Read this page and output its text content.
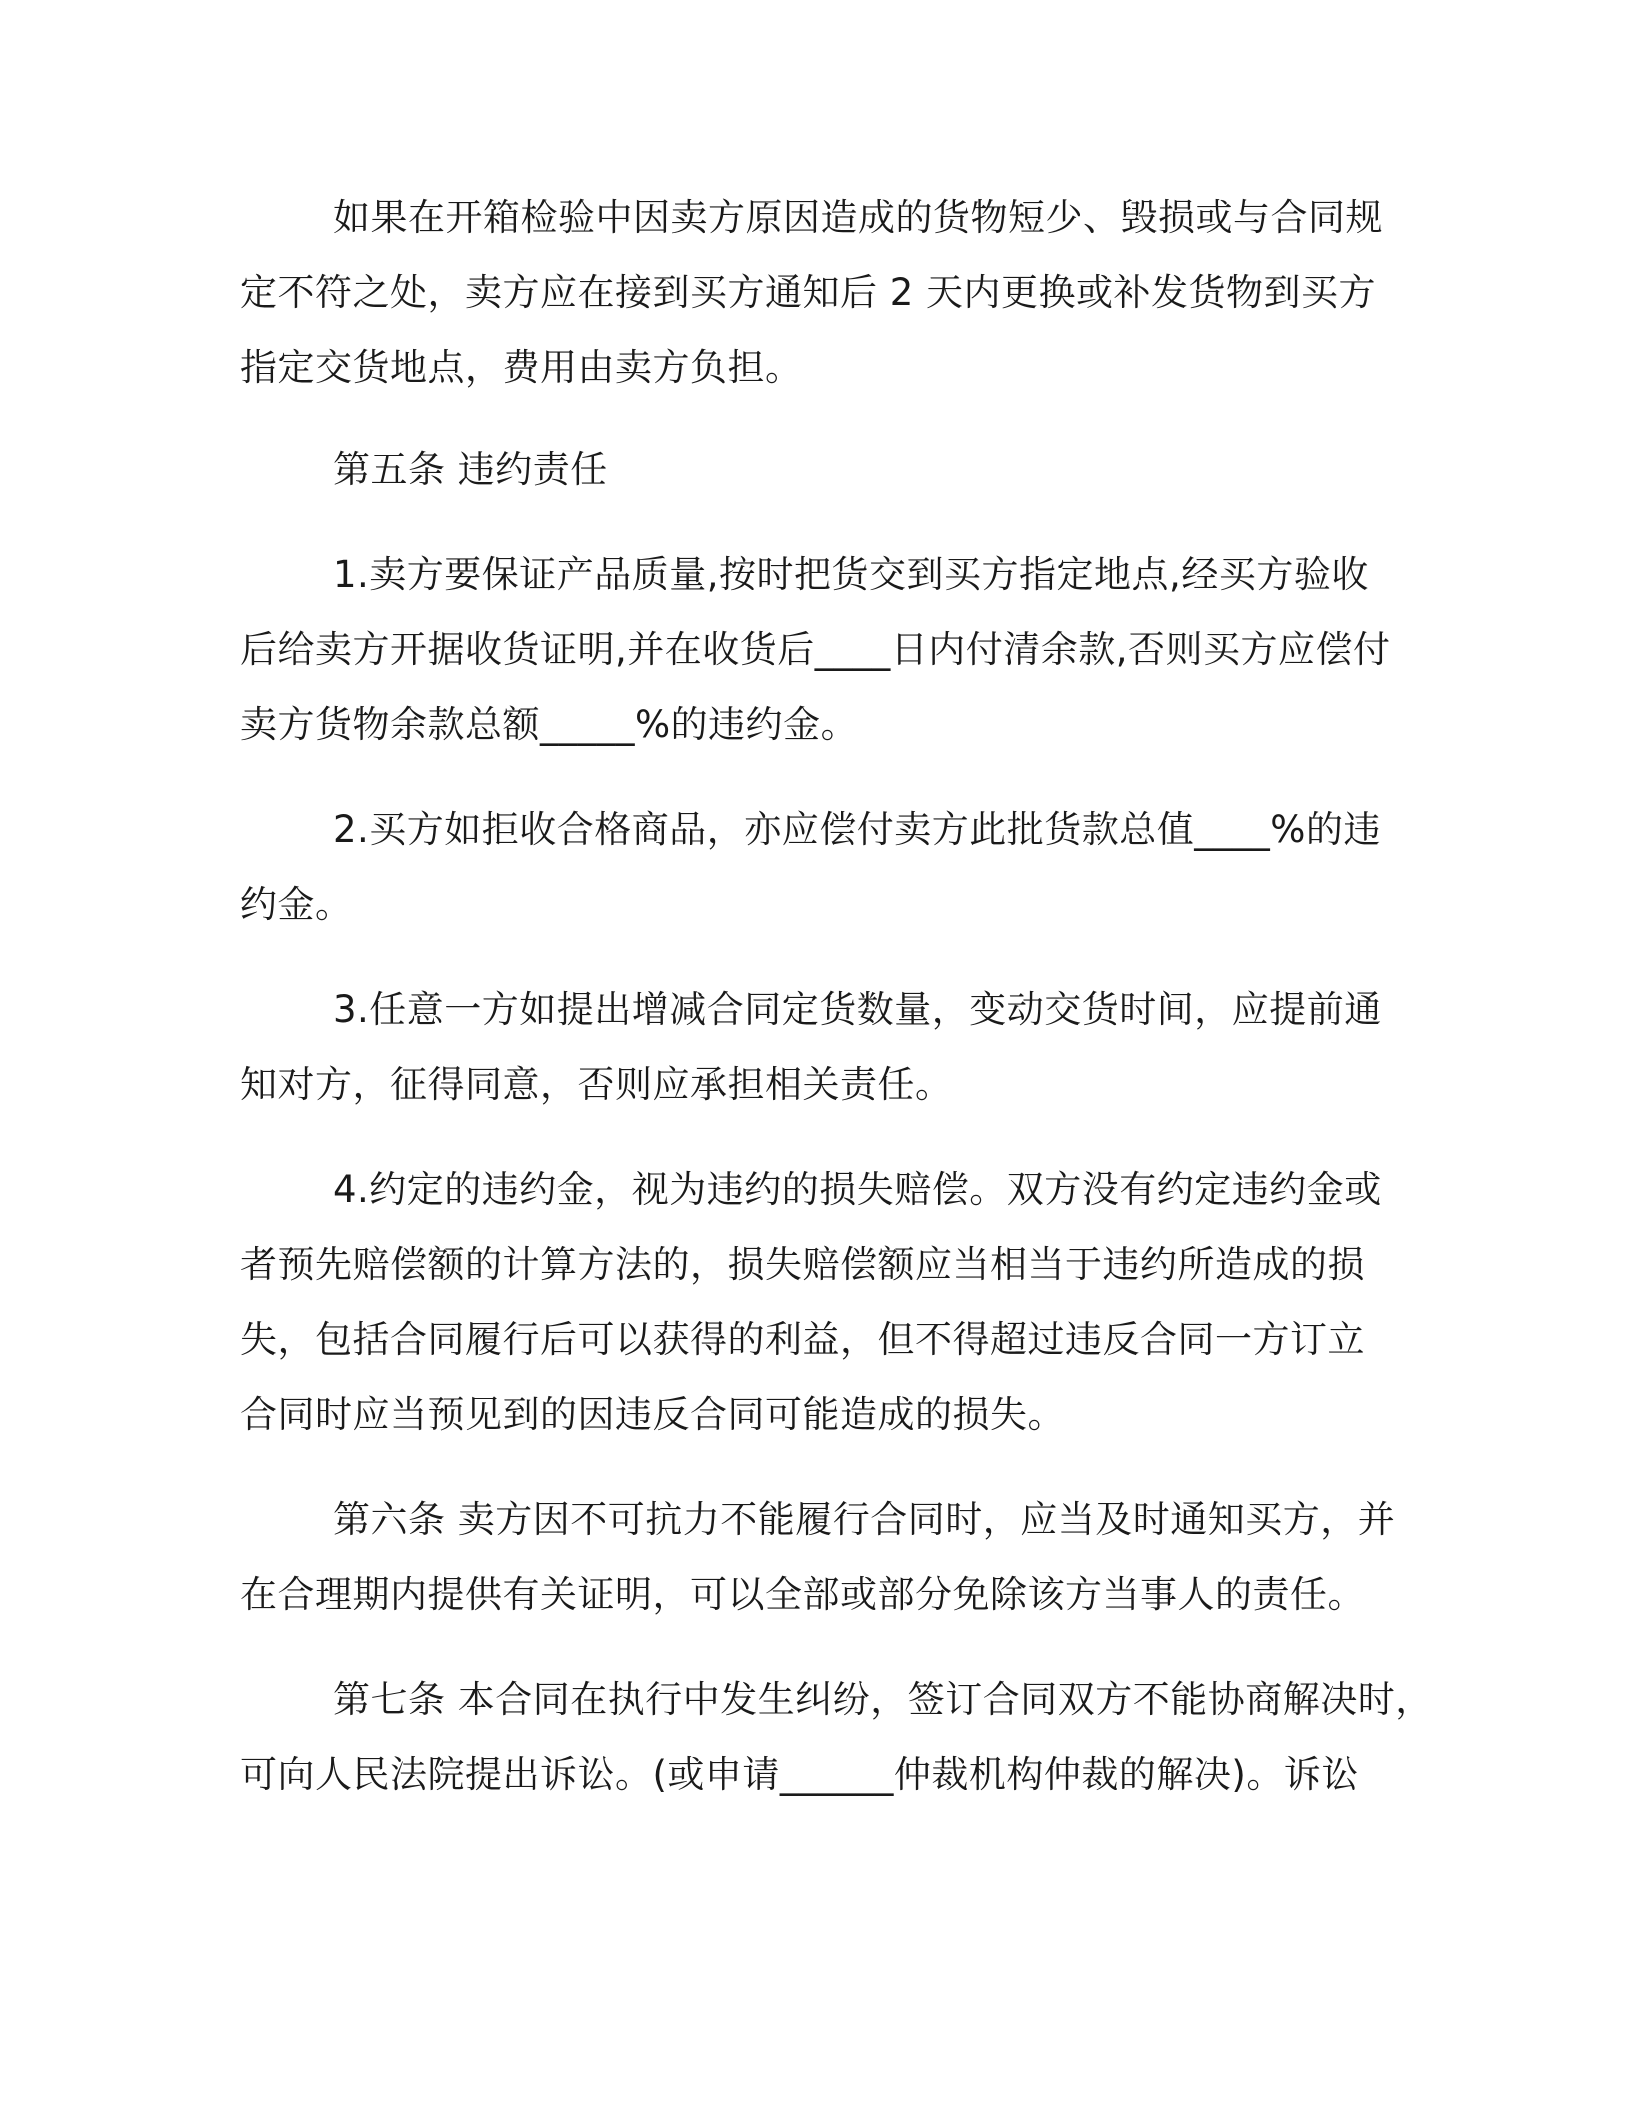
如果在开箱检验中因卖方原因造成的货物短少、毁损或与合同规

定不符之处，卖方应在接到买方通知后 2 天内更换或补发货物到买方

指定交货地点，费用由卖方负担。

第五条 违约责任

1.卖方要保证产品质量,按时把货交到买方指定地点,经买方验收

后给卖方开据收货证明,并在收货后____日内付清余款,否则买方应偿付

卖方货物余款总额_____%的违约金。

2.买方如拒收合格商品，亦应偿付卖方此批货款总值____%的违

约金。

3.任意一方如提出增减合同定货数量，变动交货时间，应提前通

知对方，征得同意，否则应承担相关责任。

4.约定的违约金，视为违约的损失赔偿。双方没有约定违约金或

者预先赔偿额的计算方法的，损失赔偿额应当相当于违约所造成的损

失，包括合同履行后可以获得的利益，但不得超过违反合同一方订立

合同时应当预见到的因违反合同可能造成的损失。

第六条 卖方因不可抗力不能履行合同时，应当及时通知买方，并

在合理期内提供有关证明，可以全部或部分免除该方当事人的责任。

第七条 本合同在执行中发生纠纷，签订合同双方不能协商解决时，

可向人民法院提出诉讼。(或申请______仲裁机构仲裁的解决)。诉讼
